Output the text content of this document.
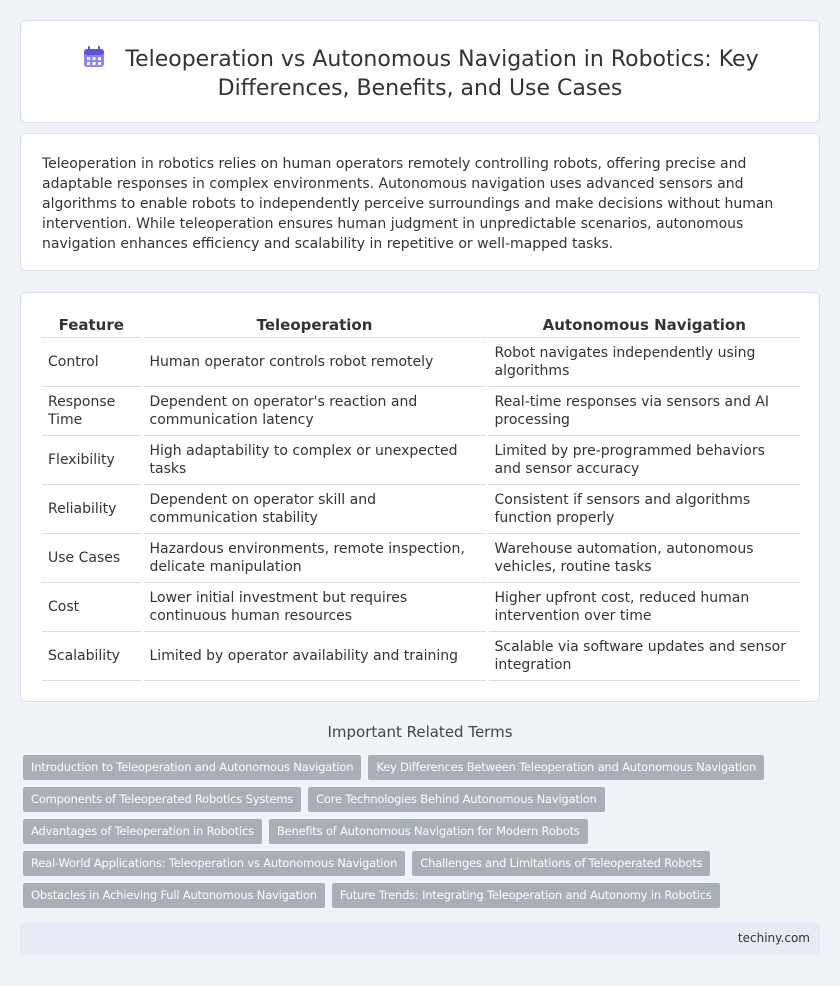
Teleoperation vs Autonomous Navigation in Robotics: Key Differences, Benefits, and Use Cases

Teleoperation in robotics relies on human operators remotely controlling robots, offering precise and adaptable responses in complex environments. Autonomous navigation uses advanced sensors and algorithms to enable robots to independently perceive surroundings and make decisions without human intervention. While teleoperation ensures human judgment in unpredictable scenarios, autonomous navigation enhances efficiency and scalability in repetitive or well-mapped tasks.

Feature	Teleoperation	Autonomous Navigation
Control	Human operator controls robot remotely	Robot navigates independently using algorithms
Response Time	Dependent on operator's reaction and communication latency	Real-time responses via sensors and AI processing
Flexibility	High adaptability to complex or unexpected tasks	Limited by pre-programmed behaviors and sensor accuracy
Reliability	Dependent on operator skill and communication stability	Consistent if sensors and algorithms function properly
Use Cases	Hazardous environments, remote inspection, delicate manipulation	Warehouse automation, autonomous vehicles, routine tasks
Cost	Lower initial investment but requires continuous human resources	Higher upfront cost, reduced human intervention over time
Scalability	Limited by operator availability and training	Scalable via software updates and sensor integration
Important Related Terms
Introduction to Teleoperation and Autonomous Navigation	Key Differences Between Teleoperation and Autonomous Navigation
Components of Teleoperated Robotics Systems	Core Technologies Behind Autonomous Navigation
Advantages of Teleoperation in Robotics	Benefits of Autonomous Navigation for Modern Robots
Real-World Applications: Teleoperation vs Autonomous Navigation	Challenges and Limitations of Teleoperated Robots
Obstacles in Achieving Full Autonomous Navigation	Future Trends: Integrating Teleoperation and Autonomy in Robotics
techiny.com
